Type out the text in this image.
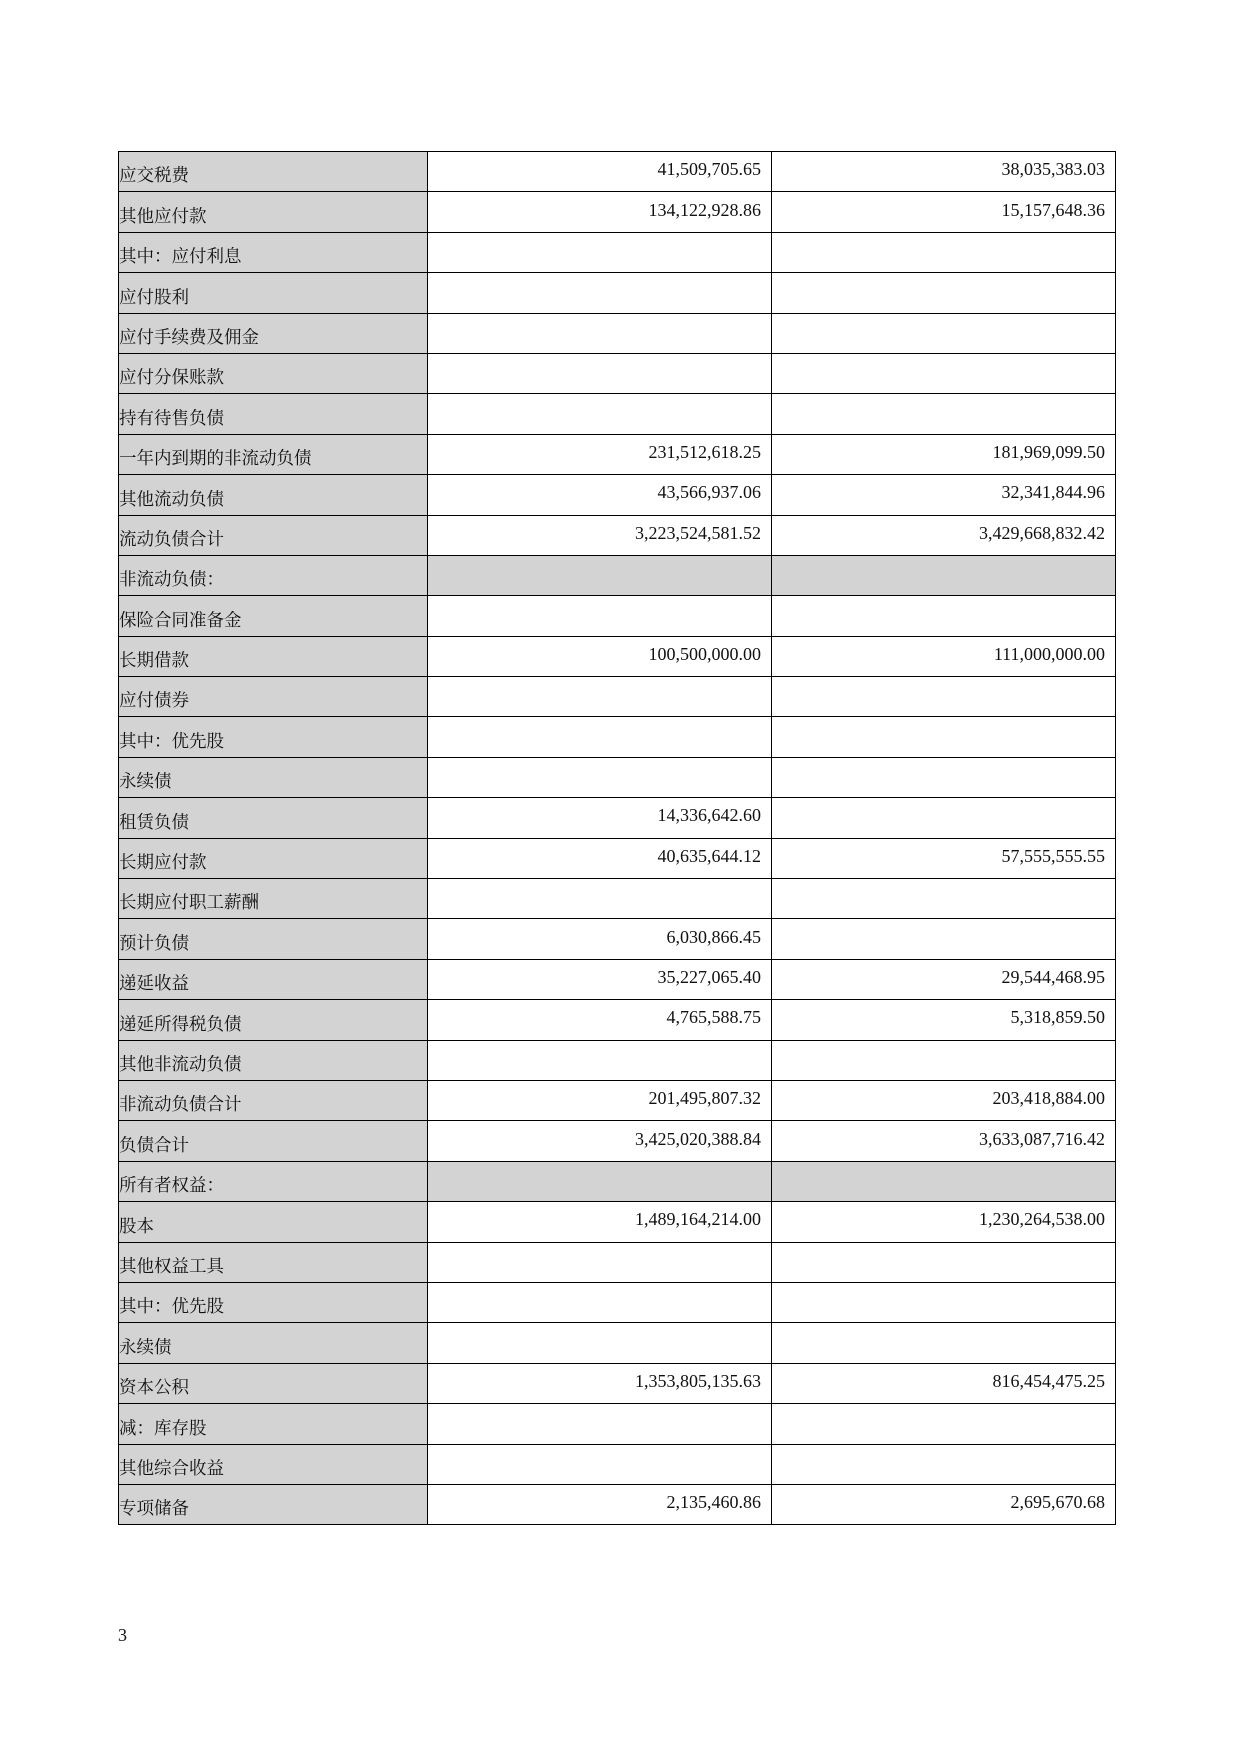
应交税费	41,509,705.65	38,035,383.03
其他应付款	134,122,928.86	15,157,648.36
其中：应付利息		
应付股利		
应付手续费及佣金		
应付分保账款		
持有待售负债		
一年内到期的非流动负债	231,512,618.25	181,969,099.50
其他流动负债	43,566,937.06	32,341,844.96
流动负债合计	3,223,524,581.52	3,429,668,832.42
非流动负债：		
保险合同准备金		
长期借款	100,500,000.00	111,000,000.00
应付债券		
其中：优先股		
永续债		
租赁负债	14,336,642.60	
长期应付款	40,635,644.12	57,555,555.55
长期应付职工薪酬		
预计负债	6,030,866.45	
递延收益	35,227,065.40	29,544,468.95
递延所得税负债	4,765,588.75	5,318,859.50
其他非流动负债		
非流动负债合计	201,495,807.32	203,418,884.00
负债合计	3,425,020,388.84	3,633,087,716.42
所有者权益：		
股本	1,489,164,214.00	1,230,264,538.00
其他权益工具		
其中：优先股		
永续债		
资本公积	1,353,805,135.63	816,454,475.25
减：库存股		
其他综合收益		
专项储备	2,135,460.86	2,695,670.68
3
